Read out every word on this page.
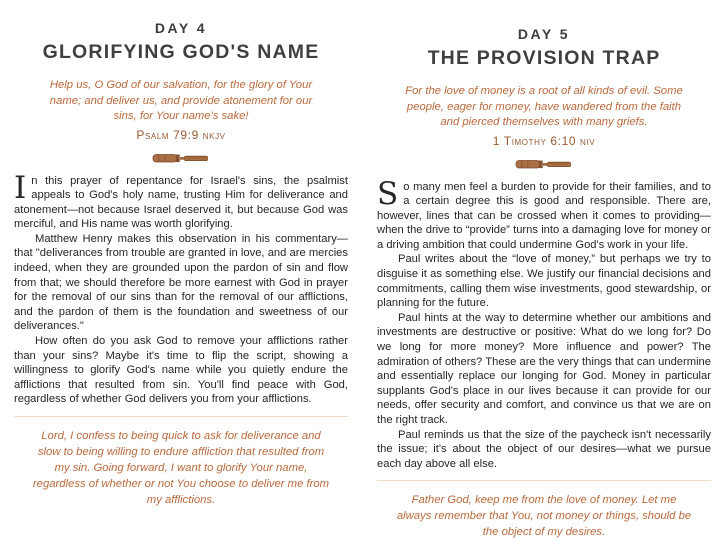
DAY 4
GLORIFYING GOD'S NAME

Help us, O God of our salvation, for the glory of Your name; and deliver us, and provide atonement for our sins, for Your name's sake!

Psalm 79:9 nkjv

In this prayer of repentance for Israel's sins, the psalmist appeals to God's holy name, trusting Him for deliverance and atonement—not because Israel deserved it, but because God was merciful, and His name was worth glorifying.

Matthew Henry makes this observation in his commentary—that "deliverances from trouble are granted in love, and are mercies indeed, when they are grounded upon the pardon of sin and flow from that; we should therefore be more earnest with God in prayer for the removal of our sins than for the removal of our afflictions, and the pardon of them is the foundation and sweetness of our deliverances."

How often do you ask God to remove your afflictions rather than your sins? Maybe it's time to flip the script, showing a willingness to glorify God's name while you quietly endure the afflictions that resulted from sin. You'll find peace with God, regardless of whether God delivers you from your afflictions.

Lord, I confess to being quick to ask for deliverance and slow to being willing to endure affliction that resulted from my sin. Going forward, I want to glorify Your name, regardless of whether or not You choose to deliver me from my afflictions.

DAY 5
THE PROVISION TRAP

For the love of money is a root of all kinds of evil. Some people, eager for money, have wandered from the faith and pierced themselves with many griefs.

1 Timothy 6:10 niv

So many men feel a burden to provide for their families, and to a certain degree this is good and responsible. There are, however, lines that can be crossed when it comes to providing—when the drive to “provide” turns into a damaging love for money or a driving ambition that could undermine God's work in your life.

Paul writes about the “love of money,” but perhaps we try to disguise it as something else. We justify our financial decisions and commitments, calling them wise investments, good stewardship, or planning for the future.

Paul hints at the way to determine whether our ambitions and investments are destructive or positive: What do we long for? Do we long for more money? More influence and power? The admiration of others? These are the very things that can undermine and essentially replace our longing for God. Money in particular supplants God's place in our lives because it can provide for our needs, offer security and comfort, and convince us that we are on the right track.

Paul reminds us that the size of the paycheck isn't necessarily the issue; it's about the object of our desires—what we pursue each day above all else.

Father God, keep me from the love of money. Let me always remember that You, not money or things, should be the object of my desires.
